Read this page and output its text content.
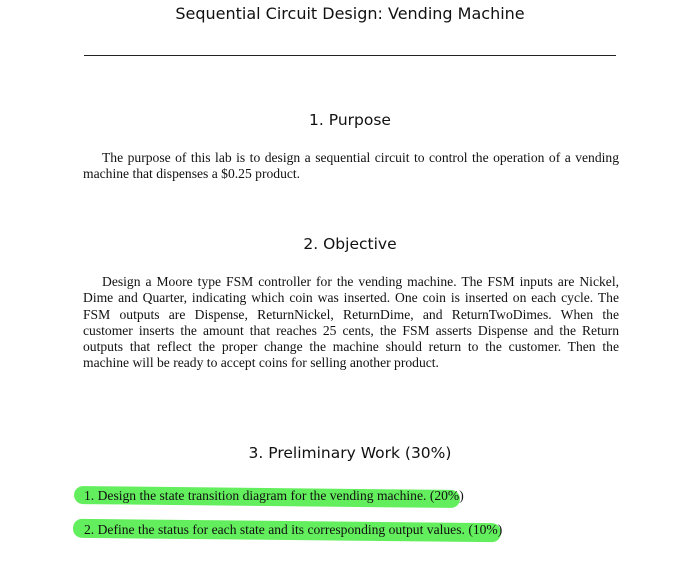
Sequential Circuit Design: Vending Machine
1. Purpose

The purpose of this lab is to design a sequential circuit to control the operation of a vending machine that dispenses a $0.25 product.

2. Objective

Design a Moore type FSM controller for the vending machine. The FSM inputs are Nickel, Dime and Quarter, indicating which coin was inserted. One coin is inserted on each cycle. The FSM outputs are Dispense, ReturnNickel, ReturnDime, and ReturnTwoDimes. When the customer inserts the amount that reaches 25 cents, the FSM asserts Dispense and the Return outputs that reflect the proper change the machine should return to the customer. Then the machine will be ready to accept coins for selling another product.

3. Preliminary Work (30%)
1. Design the state transition diagram for the vending machine. (20%)
2. Define the status for each state and its corresponding output values. (10%)
